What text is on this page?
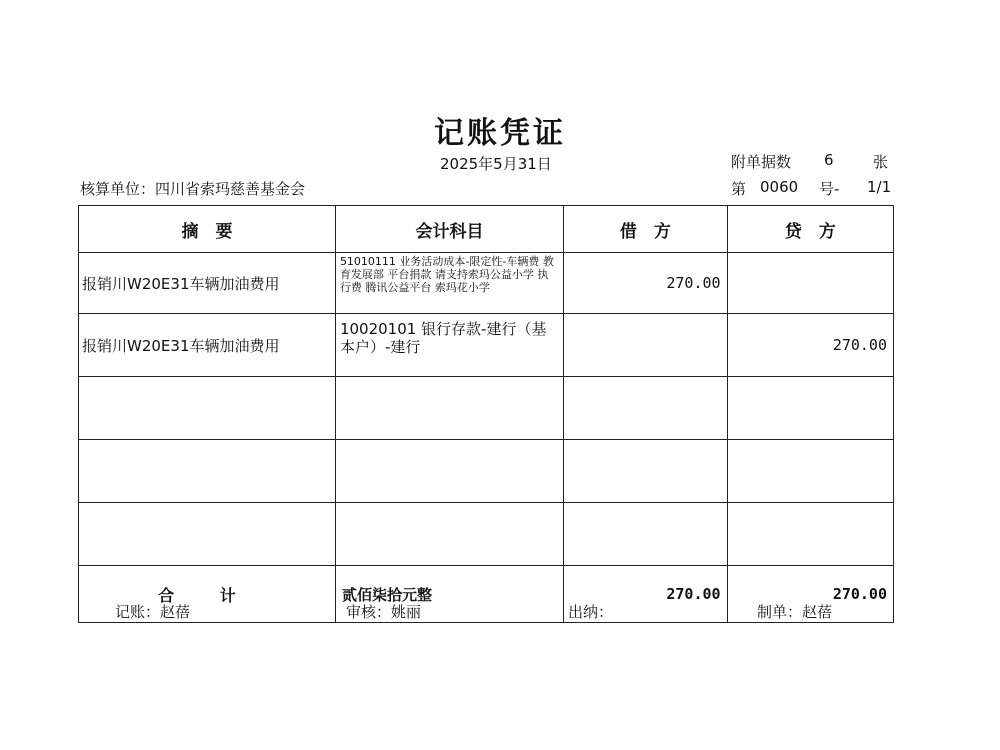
记账凭证
2025年5月31日	附单据数 6	张
核算单位：四川省索玛慈善基金会	第 0060 号- 1/1
摘　要	会计科目	借　方	贷　方
报销川W20E31车辆加油费用	51010111 业务活动成本-限定性-车辆费 教育发展部 平台捐款 请支持索玛公益小学 执行费 腾讯公益平台 索玛花小学	270.00	
报销川W20E31车辆加油费用	10020101 银行存款-建行（基本户）-建行		270.00

合 计	贰佰柒拾元整	270.00	270.00
记账：赵蓓	审核：姚丽	出纳：	制单：赵蓓
